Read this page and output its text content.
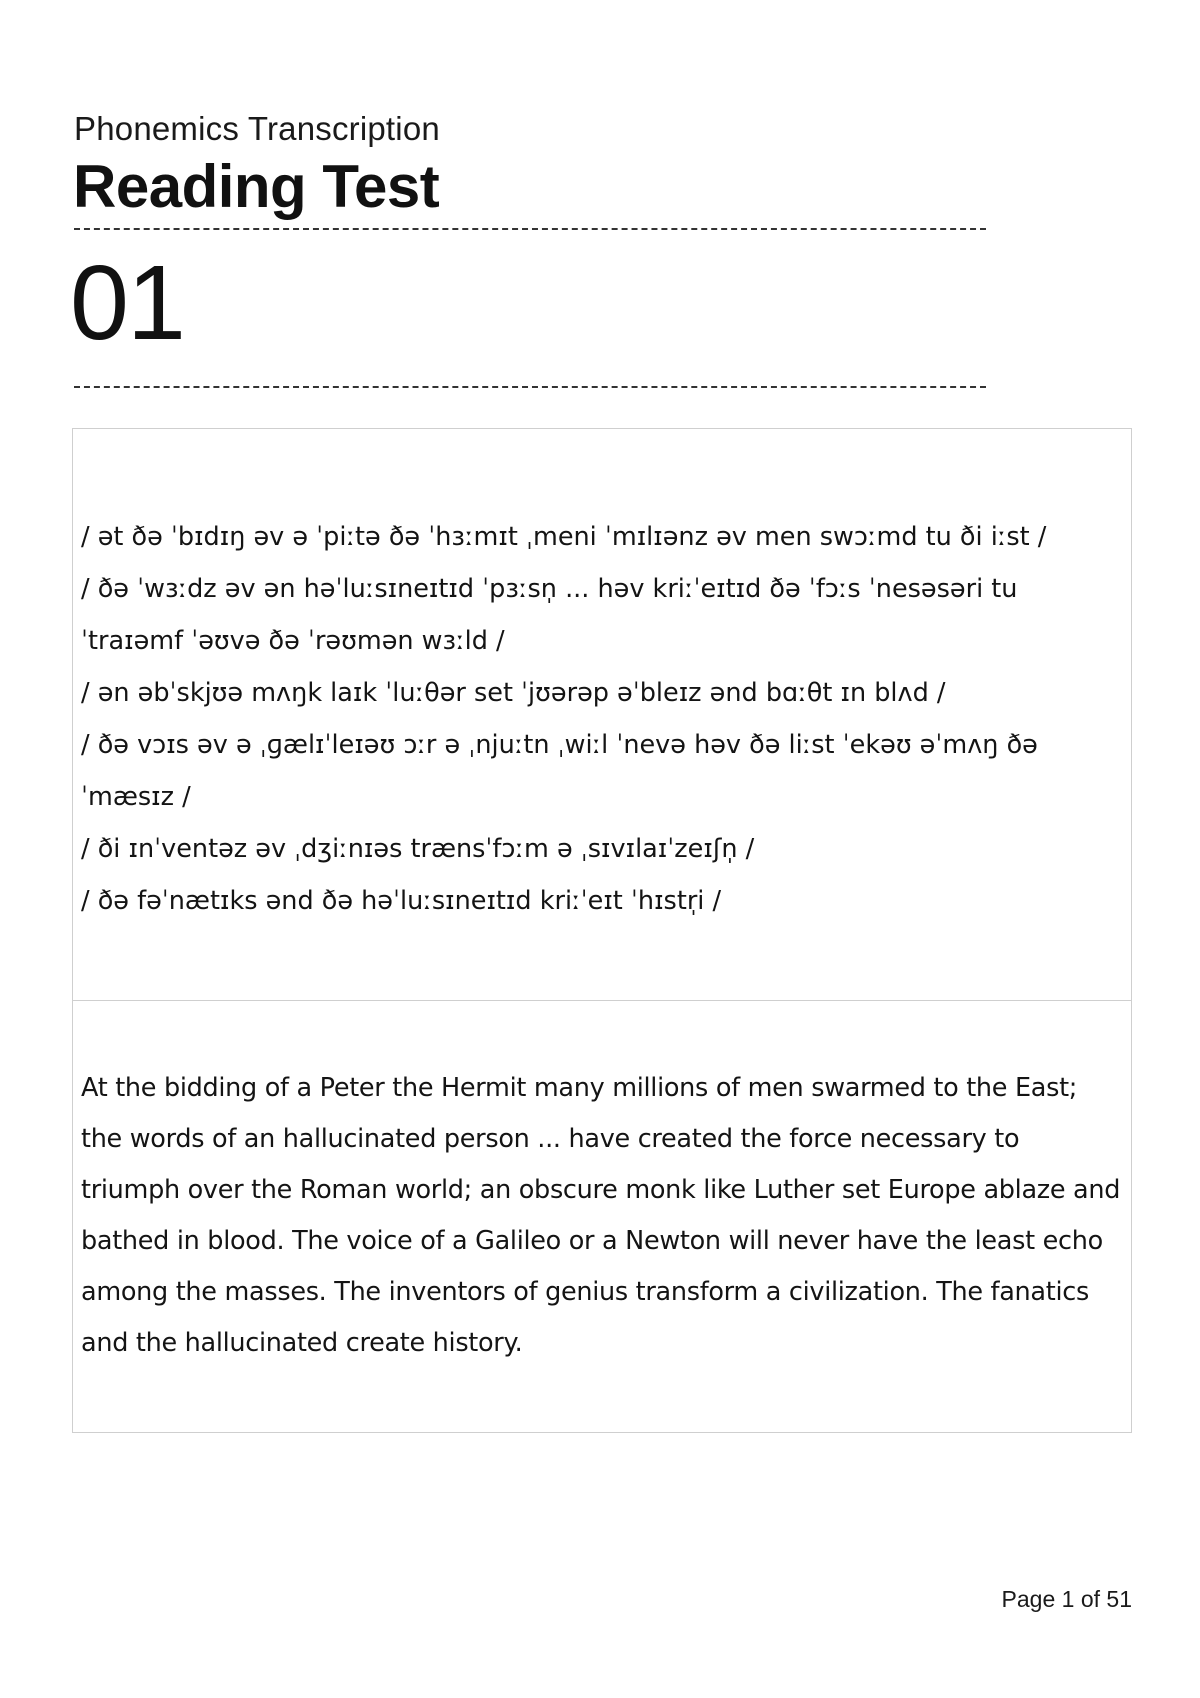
Phonemics Transcription
Reading Test
01

/ ət ðə ˈbɪdɪŋ əv ə ˈpiːtə ðə ˈhɜːmɪt ˌmeni ˈmɪlɪənz əv men swɔːmd tu ði iːst /

/ ðə ˈwɜːdz əv ən həˈluːsɪneɪtɪd ˈpɜːsn̩ ... həv kriːˈeɪtɪd ðə ˈfɔːs ˈnesəsəri tu

ˈtraɪəmf ˈəʊvə ðə ˈrəʊmən wɜːld /

/ ən əbˈskjʊə mʌŋk laɪk ˈluːθər set ˈjʊərəp əˈbleɪz ənd bɑːθt ɪn blʌd /

/ ðə vɔɪs əv ə ˌɡælɪˈleɪəʊ ɔːr ə ˌnjuːtn ˌwiːl ˈnevə həv ðə liːst ˈekəʊ əˈmʌŋ ðə

ˈmæsɪz /

/ ði ɪnˈventəz əv ˌdʒiːnɪəs trænsˈfɔːm ə ˌsɪvɪlaɪˈzeɪʃn̩ /

/ ðə fəˈnætɪks ənd ðə həˈluːsɪneɪtɪd kriːˈeɪt ˈhɪstr̩i /

At the bidding of a Peter the Hermit many millions of men swarmed to the East; the words of an hallucinated person ... have created the force necessary to triumph over the Roman world; an obscure monk like Luther set Europe ablaze and bathed in blood. The voice of a Galileo or a Newton will never have the least echo among the masses. The inventors of genius transform a civilization. The fanatics and the hallucinated create history.

Page 1 of 51
